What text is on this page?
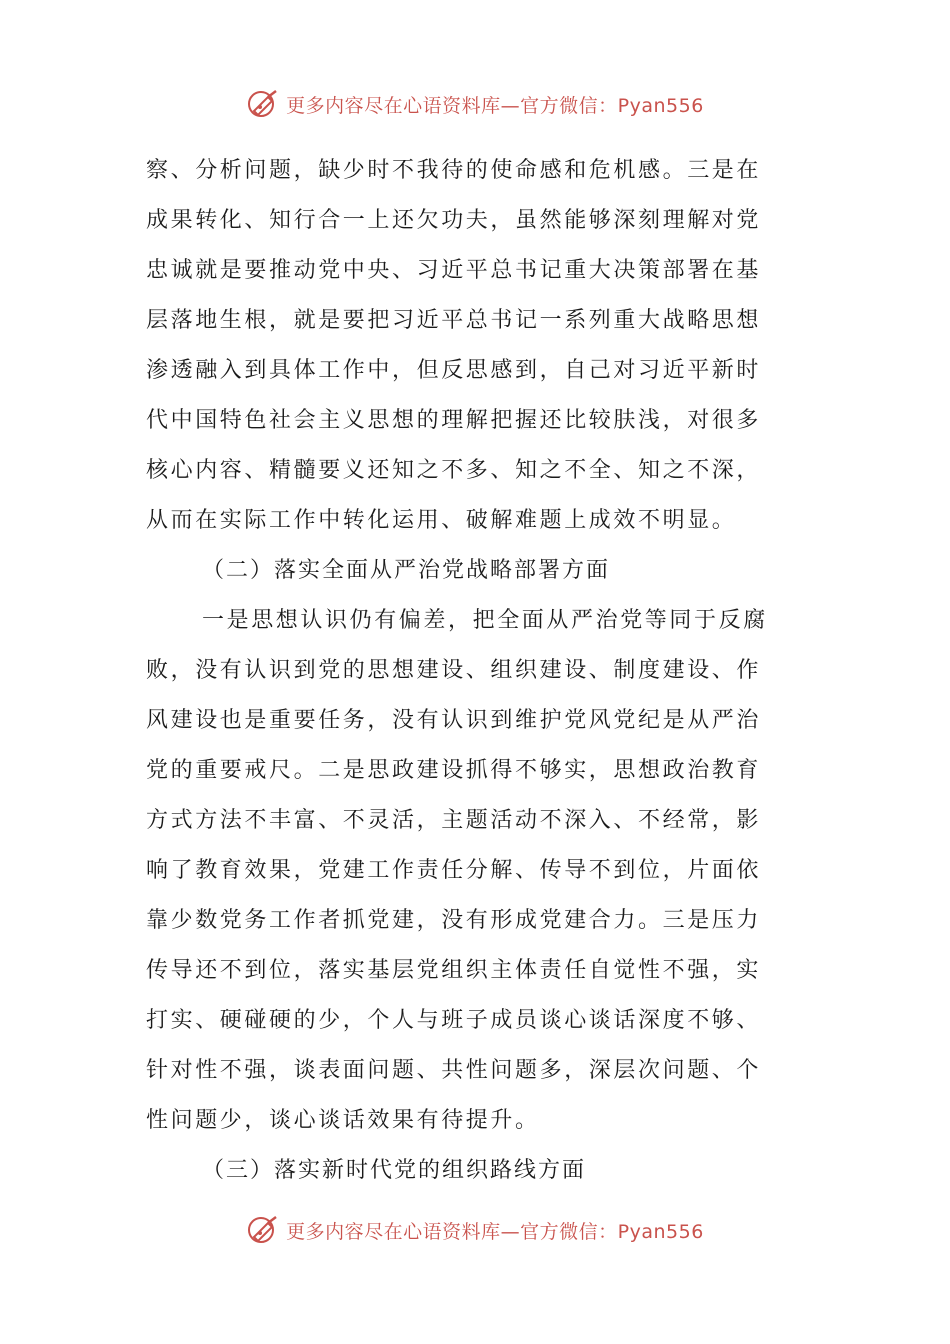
更多内容尽在心语资料库—官方微信：Pyan556

察、分析问题，缺少时不我待的使命感和危机感。三是在

成果转化、知行合一上还欠功夫，虽然能够深刻理解对党

忠诚就是要推动党中央、习近平总书记重大决策部署在基

层落地生根，就是要把习近平总书记一系列重大战略思想

渗透融入到具体工作中，但反思感到，自己对习近平新时

代中国特色社会主义思想的理解把握还比较肤浅，对很多

核心内容、精髓要义还知之不多、知之不全、知之不深，

从而在实际工作中转化运用、破解难题上成效不明显。

（二）落实全面从严治党战略部署方面

一是思想认识仍有偏差，把全面从严治党等同于反腐

败，没有认识到党的思想建设、组织建设、制度建设、作

风建设也是重要任务，没有认识到维护党风党纪是从严治

党的重要戒尺。二是思政建设抓得不够实，思想政治教育

方式方法不丰富、不灵活，主题活动不深入、不经常，影

响了教育效果，党建工作责任分解、传导不到位，片面依

靠少数党务工作者抓党建，没有形成党建合力。三是压力

传导还不到位，落实基层党组织主体责任自觉性不强，实

打实、硬碰硬的少，个人与班子成员谈心谈话深度不够、

针对性不强，谈表面问题、共性问题多，深层次问题、个

性问题少，谈心谈话效果有待提升。

（三）落实新时代党的组织路线方面

更多内容尽在心语资料库—官方微信：Pyan556
